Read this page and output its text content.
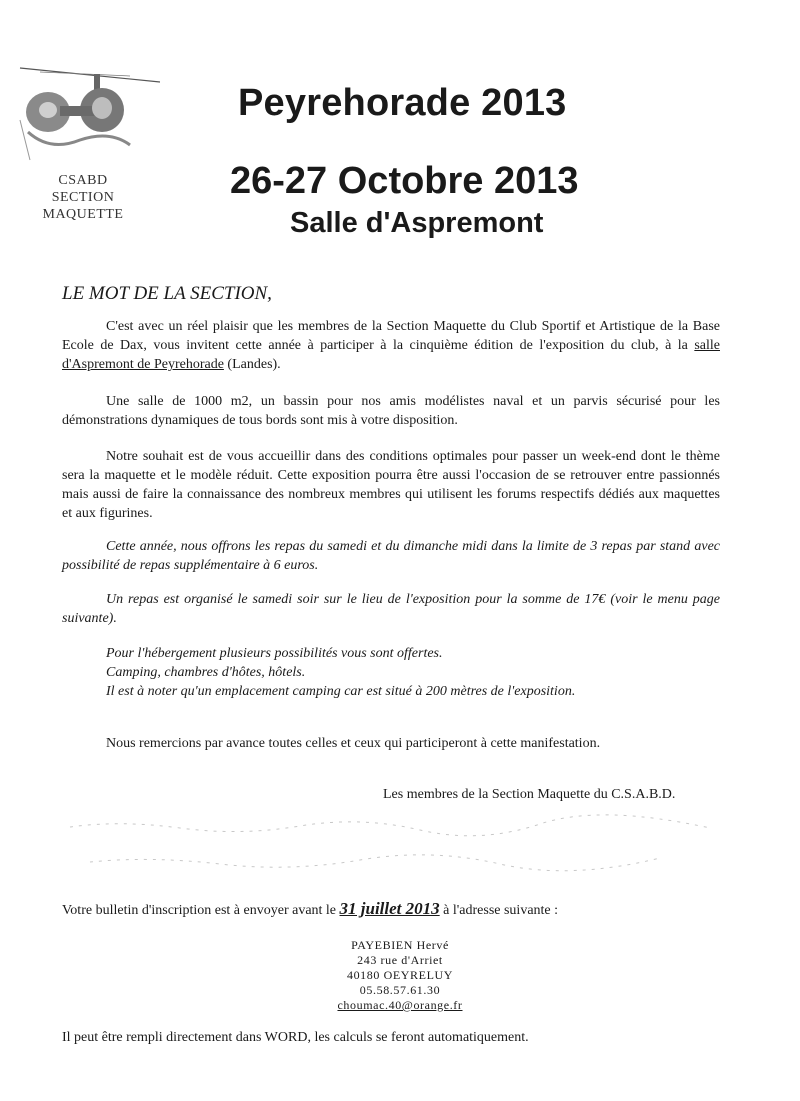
CSABD
SECTION
MAQUETTE
Peyrehorade 2013
26-27 Octobre 2013
Salle d'Aspremont
LE MOT DE LA SECTION,
C'est avec un réel plaisir que les membres de la Section Maquette du Club Sportif et Artistique de la Base Ecole de Dax, vous invitent cette année à participer à la cinquième édition de l'exposition du club, à la salle d'Aspremont de Peyrehorade (Landes).
Une salle de 1000 m2, un bassin pour nos amis modélistes naval et un parvis sécurisé pour les démonstrations dynamiques de tous bords sont mis à votre disposition.
Notre souhait est de vous accueillir dans des conditions optimales pour passer un week-end dont le thème sera la maquette et le modèle réduit. Cette exposition pourra être aussi l'occasion de se retrouver entre passionnés mais aussi de faire la connaissance des nombreux membres qui utilisent les forums respectifs dédiés aux maquettes et aux figurines.
Cette année, nous offrons les repas du samedi et du dimanche midi dans la limite de 3 repas par stand avec possibilité de repas supplémentaire à 6 euros.
Un repas est organisé le samedi soir sur le lieu de l'exposition pour la somme de 17€ (voir le menu page suivante).
Pour l'hébergement plusieurs possibilités vous sont offertes.
Camping, chambres d'hôtes, hôtels.
Il est à noter qu'un emplacement camping car est situé à 200 mètres de l'exposition.
Nous remercions par avance toutes celles et ceux qui participeront à cette manifestation.
Les membres de la Section Maquette du C.S.A.B.D.
Votre bulletin d'inscription est à envoyer avant le 31 juillet 2013 à l'adresse suivante :
PAYEBIEN Hervé
243 rue d'Arriet
40180 OEYRELUY
05.58.57.61.30
choumac.40@orange.fr
Il peut être rempli directement dans WORD, les calculs se feront automatiquement.
